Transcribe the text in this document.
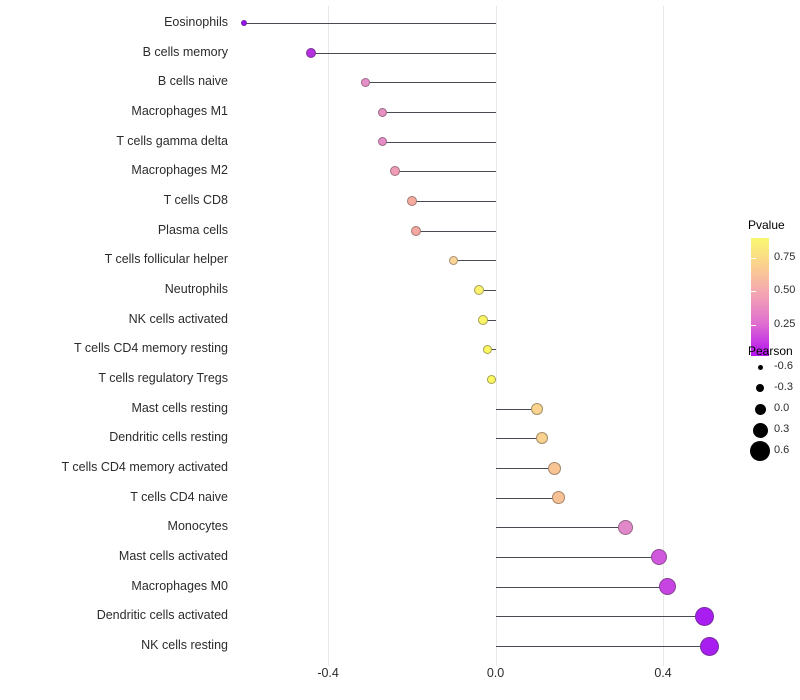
-0.4	0.0	0.4
Eosinophils
B cells memory
B cells naive
Macrophages M1
T cells gamma delta
Macrophages M2
T cells CD8
Plasma cells
T cells follicular helper
Neutrophils
NK cells activated
T cells CD4 memory resting
T cells regulatory Tregs
Mast cells resting
Dendritic cells resting
T cells CD4 memory activated
T cells CD4 naive
Monocytes
Mast cells activated
Macrophages M0
Dendritic cells activated
NK cells resting
Pvalue
0.75
0.50
0.25
Pearson
-0.6
-0.3
0.0
0.3
0.6
